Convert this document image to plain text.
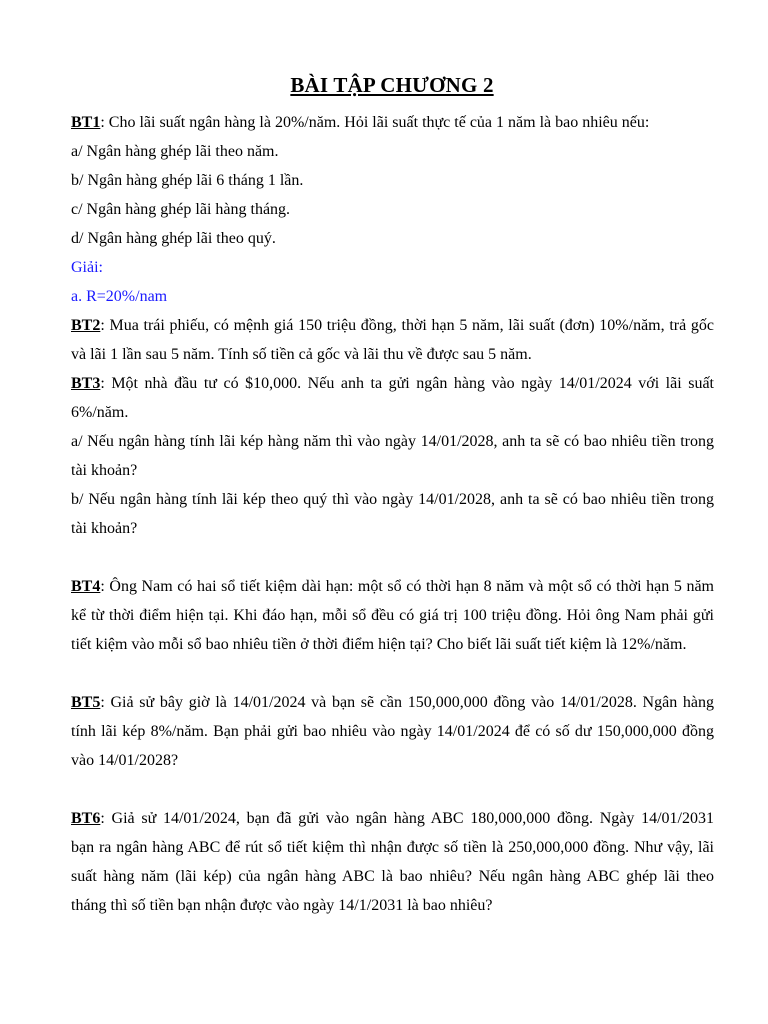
BÀI TẬP CHƯƠNG 2
BT1: Cho lãi suất ngân hàng là 20%/năm. Hỏi lãi suất thực tế của 1 năm là bao nhiêu nếu:
a/ Ngân hàng ghép lãi theo năm.
b/ Ngân hàng ghép lãi 6 tháng 1 lần.
c/ Ngân hàng ghép lãi hàng tháng.
d/ Ngân hàng ghép lãi theo quý.
Giải:
a. R=20%/nam
BT2: Mua trái phiếu, có mệnh giá 150 triệu đồng, thời hạn 5 năm, lãi suất (đơn) 10%/năm, trả gốc
và lãi 1 lần sau 5 năm. Tính số tiền cả gốc và lãi thu về được sau 5 năm.
BT3: Một nhà đầu tư có $10,000. Nếu anh ta gửi ngân hàng vào ngày 14/01/2024 với lãi suất
6%/năm.
a/ Nếu ngân hàng tính lãi kép hàng năm thì vào ngày 14/01/2028, anh ta sẽ có bao nhiêu tiền trong
tài khoản?
b/ Nếu ngân hàng tính lãi kép theo quý thì vào ngày 14/01/2028, anh ta sẽ có bao nhiêu tiền trong
tài khoản?
BT4: Ông Nam có hai sổ tiết kiệm dài hạn: một sổ có thời hạn 8 năm và một sổ có thời hạn 5 năm
kể từ thời điểm hiện tại. Khi đáo hạn, mỗi sổ đều có giá trị 100 triệu đồng. Hỏi ông Nam phải gửi
tiết kiệm vào mỗi sổ bao nhiêu tiền ở thời điểm hiện tại? Cho biết lãi suất tiết kiệm là 12%/năm.
BT5: Giả sử bây giờ là 14/01/2024 và bạn sẽ cần 150,000,000 đồng vào 14/01/2028. Ngân hàng
tính lãi kép 8%/năm. Bạn phải gửi bao nhiêu vào ngày 14/01/2024 để có số dư 150,000,000 đồng
vào 14/01/2028?
BT6: Giả sử 14/01/2024, bạn đã gửi vào ngân hàng ABC 180,000,000 đồng. Ngày 14/01/2031
bạn ra ngân hàng ABC để rút sổ tiết kiệm thì nhận được số tiền là 250,000,000 đồng. Như vậy, lãi
suất hàng năm (lãi kép) của ngân hàng ABC là bao nhiêu? Nếu ngân hàng ABC ghép lãi theo
tháng thì số tiền bạn nhận được vào ngày 14/1/2031 là bao nhiêu?
